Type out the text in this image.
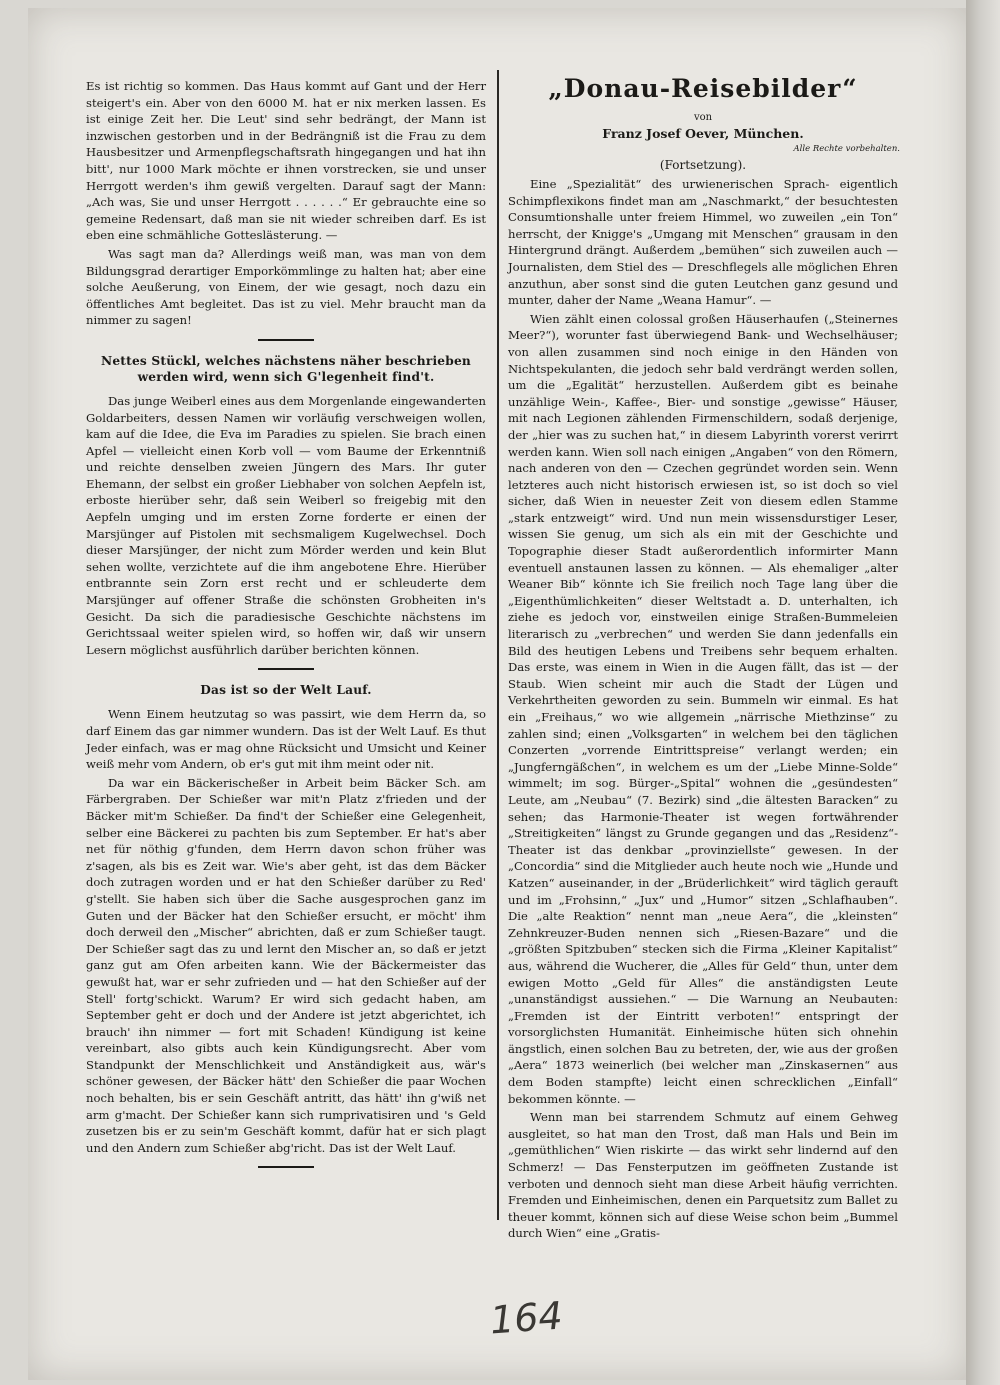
Es ist richtig so kommen. Das Haus kommt auf Gant und der Herr steigert's ein. Aber von den 6000 M. hat er nix merken lassen. Es ist einige Zeit her. Die Leut' sind sehr bedrängt, der Mann ist inzwischen gestorben und in der Bedrängniß ist die Frau zu dem Hausbesitzer und Armenpflegschaftsrath hingegangen und hat ihn bitt', nur 1000 Mark möchte er ihnen vorstrecken, sie und unser Herrgott werden's ihm gewiß vergelten. Darauf sagt der Mann: „Ach was, Sie und unser Herrgott . . . . . .“ Er gebrauchte eine so gemeine Redensart, daß man sie nit wieder schreiben darf. Es ist eben eine schmähliche Gotteslästerung. —

Was sagt man da? Allerdings weiß man, was man von dem Bildungsgrad derartiger Emporkömmlinge zu halten hat; aber eine solche Aeußerung, von Einem, der wie gesagt, noch dazu ein öffentliches Amt begleitet. Das ist zu viel. Mehr braucht man da nimmer zu sagen!

Nettes Stückl, welches nächstens näher beschrieben werden wird, wenn sich G'legenheit find't.

Das junge Weiberl eines aus dem Morgenlande eingewanderten Goldarbeiters, dessen Namen wir vorläufig verschweigen wollen, kam auf die Idee, die Eva im Paradies zu spielen. Sie brach einen Apfel — vielleicht einen Korb voll — vom Baume der Erkenntniß und reichte denselben zweien Jüngern des Mars. Ihr guter Ehemann, der selbst ein großer Liebhaber von solchen Aepfeln ist, erboste hierüber sehr, daß sein Weiberl so freigebig mit den Aepfeln umging und im ersten Zorne forderte er einen der Marsjünger auf Pistolen mit sechsmaligem Kugelwechsel. Doch dieser Marsjünger, der nicht zum Mörder werden und kein Blut sehen wollte, verzichtete auf die ihm angebotene Ehre. Hierüber entbrannte sein Zorn erst recht und er schleuderte dem Marsjünger auf offener Straße die schönsten Grobheiten in's Gesicht. Da sich die paradiesische Geschichte nächstens im Gerichtssaal weiter spielen wird, so hoffen wir, daß wir unsern Lesern möglichst ausführlich darüber berichten können.

Das ist so der Welt Lauf.

Wenn Einem heutzutag so was passirt, wie dem Herrn da, so darf Einem das gar nimmer wundern. Das ist der Welt Lauf. Es thut Jeder einfach, was er mag ohne Rücksicht und Umsicht und Keiner weiß mehr vom Andern, ob er's gut mit ihm meint oder nit.

Da war ein Bäckerischeßer in Arbeit beim Bäcker Sch. am Färbergraben. Der Schießer war mit'n Platz z'frieden und der Bäcker mit'm Schießer. Da find't der Schießer eine Gelegenheit, selber eine Bäckerei zu pachten bis zum September. Er hat's aber net für nöthig g'funden, dem Herrn davon schon früher was z'sagen, als bis es Zeit war. Wie's aber geht, ist das dem Bäcker doch zutragen worden und er hat den Schießer darüber zu Red' g'stellt. Sie haben sich über die Sache ausgesprochen ganz im Guten und der Bäcker hat den Schießer ersucht, er möcht' ihm doch derweil den „Mischer“ abrichten, daß er zum Schießer taugt. Der Schießer sagt das zu und lernt den Mischer an, so daß er jetzt ganz gut am Ofen arbeiten kann. Wie der Bäckermeister das gewußt hat, war er sehr zufrieden und — hat den Schießer auf der Stell' fortg'schickt. Warum? Er wird sich gedacht haben, am September geht er doch und der Andere ist jetzt abgerichtet, ich brauch' ihn nimmer — fort mit Schaden! Kündigung ist keine vereinbart, also gibts auch kein Kündigungsrecht. Aber vom Standpunkt der Menschlichkeit und Anständigkeit aus, wär's schöner gewesen, der Bäcker hätt' den Schießer die paar Wochen noch behalten, bis er sein Geschäft antritt, das hätt' ihn g'wiß net arm g'macht. Der Schießer kann sich rumprivatisiren und 's Geld zusetzen bis er zu sein'm Geschäft kommt, dafür hat er sich plagt und den Andern zum Schießer abg'richt. Das ist der Welt Lauf.

„Donau-Reisebilder“
von
Franz Josef Oever, München.
Alle Rechte vorbehalten.
(Fortsetzung).

Eine „Spezialität“ des urwienerischen Sprach- eigentlich Schimpflexikons findet man am „Naschmarkt,“ der besuchtesten Consumtionshalle unter freiem Himmel, wo zuweilen „ein Ton“ herrscht, der Knigge's „Umgang mit Menschen“ grausam in den Hintergrund drängt. Außerdem „bemühen“ sich zuweilen auch — Journalisten, dem Stiel des — Dreschflegels alle möglichen Ehren anzuthun, aber sonst sind die guten Leutchen ganz gesund und munter, daher der Name „Weana Hamur“. —

Wien zählt einen colossal großen Häuserhaufen („Steinernes Meer?“), worunter fast überwiegend Bank- und Wechselhäuser; von allen zusammen sind noch einige in den Händen von Nichtspekulanten, die jedoch sehr bald verdrängt werden sollen, um die „Egalität“ herzustellen. Außerdem gibt es beinahe unzählige Wein-, Kaffee-, Bier- und sonstige „gewisse“ Häuser, mit nach Legionen zählenden Firmenschildern, sodaß derjenige, der „hier was zu suchen hat,“ in diesem Labyrinth vorerst verirrt werden kann. Wien soll nach einigen „Angaben“ von den Römern, nach anderen von den — Czechen gegründet worden sein. Wenn letzteres auch nicht historisch erwiesen ist, so ist doch so viel sicher, daß Wien in neuester Zeit von diesem edlen Stamme „stark entzweigt“ wird. Und nun mein wissensdurstiger Leser, wissen Sie genug, um sich als ein mit der Geschichte und Topographie dieser Stadt außerordentlich informirter Mann eventuell anstaunen lassen zu können. — Als ehemaliger „alter Weaner Bib“ könnte ich Sie freilich noch Tage lang über die „Eigenthümlichkeiten“ dieser Weltstadt a. D. unterhalten, ich ziehe es jedoch vor, einstweilen einige Straßen-Bummeleien literarisch zu „verbrechen“ und werden Sie dann jedenfalls ein Bild des heutigen Lebens und Treibens sehr bequem erhalten. Das erste, was einem in Wien in die Augen fällt, das ist — der Staub. Wien scheint mir auch die Stadt der Lügen und Verkehrtheiten geworden zu sein. Bummeln wir einmal. Es hat ein „Freihaus,“ wo wie allgemein „närrische Miethzinse“ zu zahlen sind; einen „Volksgarten“ in welchem bei den täglichen Conzerten „vorrende Eintrittspreise“ verlangt werden; ein „Jungferngäßchen“, in welchem es um der „Liebe Minne-Solde“ wimmelt; im sog. Bürger-„Spital“ wohnen die „gesündesten“ Leute, am „Neubau“ (7. Bezirk) sind „die ältesten Baracken“ zu sehen; das Harmonie-Theater ist wegen fortwährender „Streitigkeiten“ längst zu Grunde gegangen und das „Residenz“-Theater ist das denkbar „provinziellste“ gewesen. In der „Concordia“ sind die Mitglieder auch heute noch wie „Hunde und Katzen“ auseinander, in der „Brüderlichkeit“ wird täglich gerauft und im „Frohsinn,“ „Jux“ und „Humor“ sitzen „Schlafhauben“. Die „alte Reaktion“ nennt man „neue Aera“, die „kleinsten“ Zehnkreuzer-Buden nennen sich „Riesen-Bazare“ und die „größten Spitzbuben“ stecken sich die Firma „Kleiner Kapitalist“ aus, während die Wucherer, die „Alles für Geld“ thun, unter dem ewigen Motto „Geld für Alles“ die anständigsten Leute „unanständigst aussiehen.“ — Die Warnung an Neubauten: „Fremden ist der Eintritt verboten!“ entspringt der vorsorglichsten Humanität. Einheimische hüten sich ohnehin ängstlich, einen solchen Bau zu betreten, der, wie aus der großen „Aera“ 1873 weinerlich (bei welcher man „Zinskasernen“ aus dem Boden stampfte) leicht einen schrecklichen „Einfall“ bekommen könnte. —

Wenn man bei starrendem Schmutz auf einem Gehweg ausgleitet, so hat man den Trost, daß man Hals und Bein im „gemüthlichen“ Wien riskirte — das wirkt sehr lindernd auf den Schmerz! — Das Fensterputzen im geöffneten Zustande ist verboten und dennoch sieht man diese Arbeit häufig verrichten. Fremden und Einheimischen, denen ein Parquetsitz zum Ballet zu theuer kommt, können sich auf diese Weise schon beim „Bummel durch Wien“ eine „Gratis-

164
